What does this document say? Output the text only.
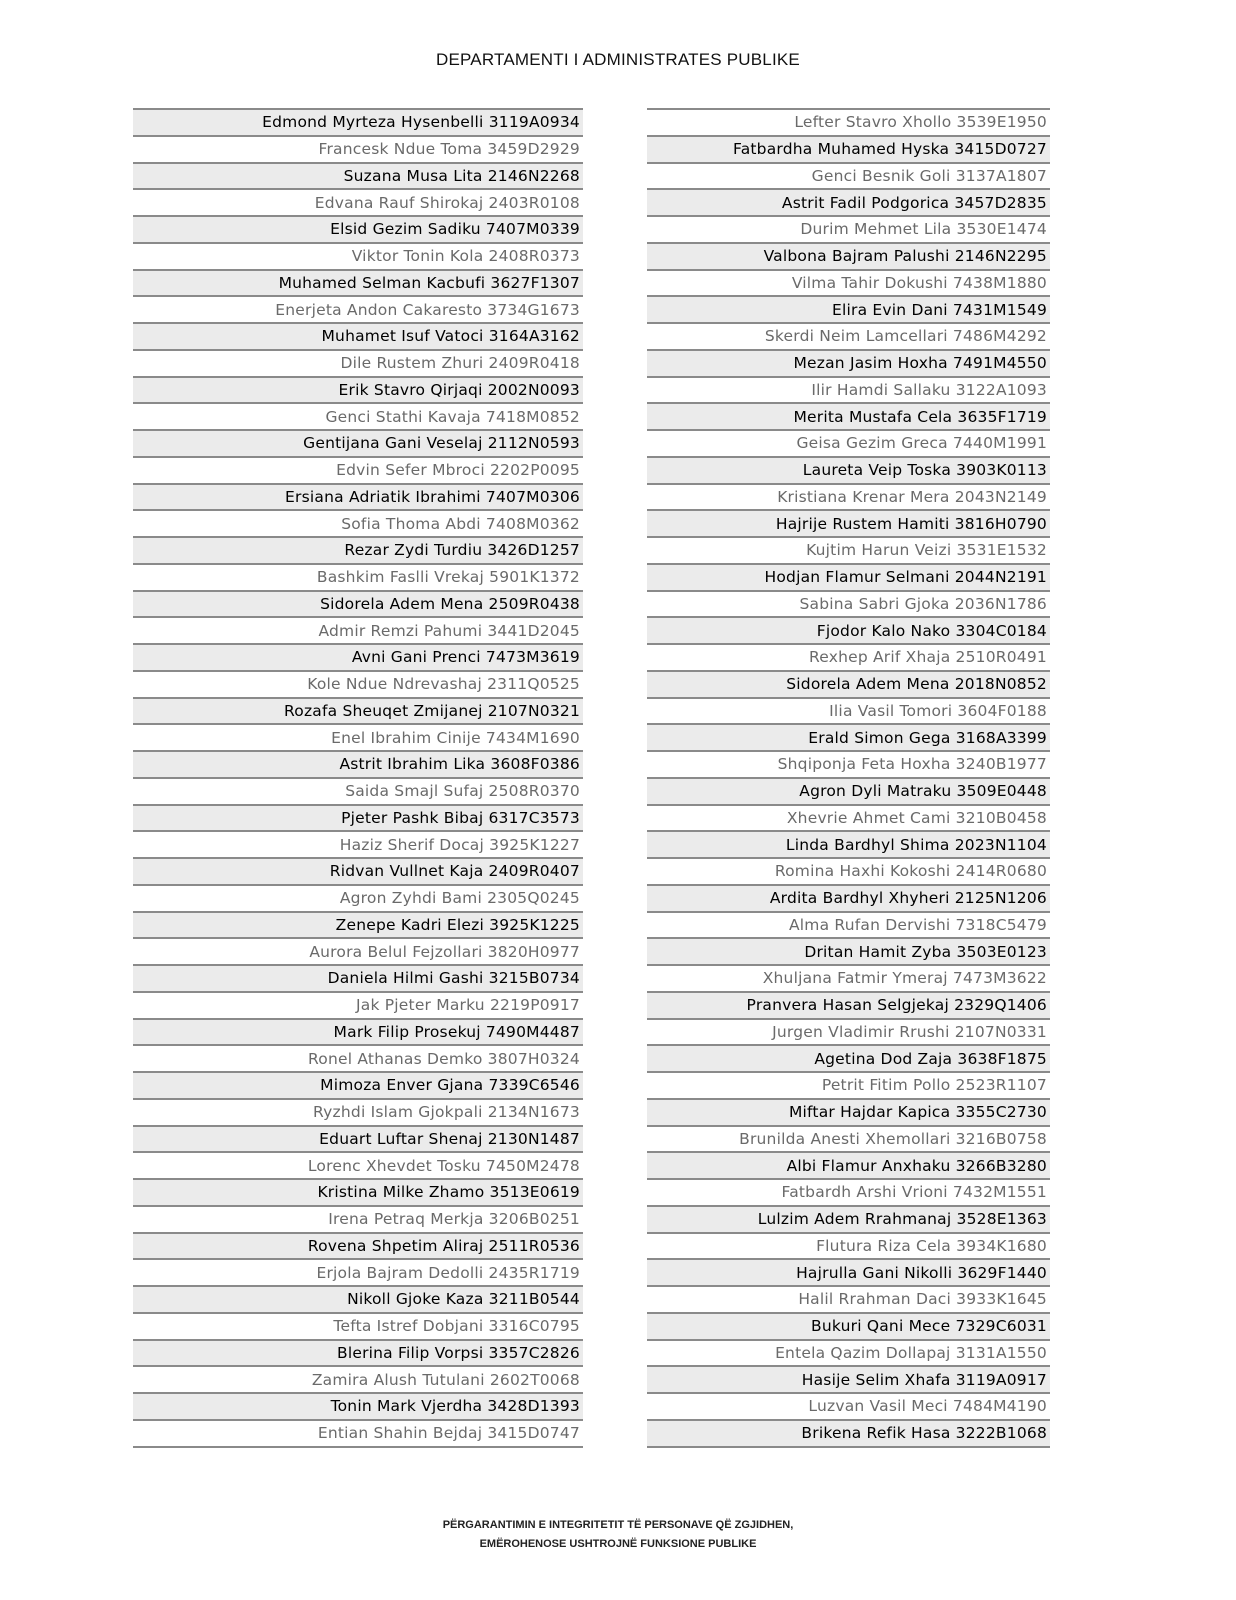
DEPARTAMENTI I ADMINISTRATES PUBLIKE
Edmond Myrteza Hysenbelli 3119A0934
Francesk Ndue Toma 3459D2929
Suzana Musa Lita 2146N2268
Edvana Rauf Shirokaj 2403R0108
Elsid Gezim Sadiku 7407M0339
Viktor Tonin Kola 2408R0373
Muhamed Selman Kacbufi 3627F1307
Enerjeta Andon Cakaresto 3734G1673
Muhamet Isuf Vatoci 3164A3162
Dile Rustem Zhuri 2409R0418
Erik Stavro Qirjaqi 2002N0093
Genci Stathi Kavaja 7418M0852
Gentijana Gani Veselaj 2112N0593
Edvin Sefer Mbroci 2202P0095
Ersiana Adriatik Ibrahimi 7407M0306
Sofia Thoma Abdi 7408M0362
Rezar Zydi Turdiu 3426D1257
Bashkim Faslli Vrekaj 5901K1372
Sidorela Adem Mena 2509R0438
Admir Remzi Pahumi 3441D2045
Avni Gani Prenci 7473M3619
Kole Ndue Ndrevashaj 2311Q0525
Rozafa Sheuqet Zmijanej 2107N0321
Enel Ibrahim Cinije 7434M1690
Astrit Ibrahim Lika 3608F0386
Saida Smajl Sufaj 2508R0370
Pjeter Pashk Bibaj 6317C3573
Haziz Sherif Docaj 3925K1227
Ridvan Vullnet Kaja 2409R0407
Agron Zyhdi Bami 2305Q0245
Zenepe Kadri Elezi 3925K1225
Aurora Belul Fejzollari 3820H0977
Daniela Hilmi Gashi 3215B0734
Jak Pjeter Marku 2219P0917
Mark Filip Prosekuj 7490M4487
Ronel Athanas Demko 3807H0324
Mimoza Enver Gjana 7339C6546
Ryzhdi Islam Gjokpali 2134N1673
Eduart Luftar Shenaj 2130N1487
Lorenc Xhevdet Tosku 7450M2478
Kristina Milke Zhamo 3513E0619
Irena Petraq Merkja 3206B0251
Rovena Shpetim Aliraj 2511R0536
Erjola Bajram Dedolli 2435R1719
Nikoll Gjoke Kaza 3211B0544
Tefta Istref Dobjani 3316C0795
Blerina Filip Vorpsi 3357C2826
Zamira Alush Tutulani 2602T0068
Tonin Mark Vjerdha 3428D1393
Entian Shahin Bejdaj 3415D0747
Lefter Stavro Xhollo 3539E1950
Fatbardha Muhamed Hyska 3415D0727
Genci Besnik Goli 3137A1807
Astrit Fadil Podgorica 3457D2835
Durim Mehmet Lila 3530E1474
Valbona Bajram Palushi 2146N2295
Vilma Tahir Dokushi 7438M1880
Elira Evin Dani 7431M1549
Skerdi Neim Lamcellari 7486M4292
Mezan Jasim Hoxha 7491M4550
Ilir Hamdi Sallaku 3122A1093
Merita Mustafa Cela 3635F1719
Geisa Gezim Greca 7440M1991
Laureta Veip Toska 3903K0113
Kristiana Krenar Mera 2043N2149
Hajrije Rustem Hamiti 3816H0790
Kujtim Harun Veizi 3531E1532
Hodjan Flamur Selmani 2044N2191
Sabina Sabri Gjoka 2036N1786
Fjodor Kalo Nako 3304C0184
Rexhep Arif Xhaja 2510R0491
Sidorela Adem Mena 2018N0852
Ilia Vasil Tomori 3604F0188
Erald Simon Gega 3168A3399
Shqiponja Feta Hoxha 3240B1977
Agron Dyli Matraku 3509E0448
Xhevrie Ahmet Cami 3210B0458
Linda Bardhyl Shima 2023N1104
Romina Haxhi Kokoshi 2414R0680
Ardita Bardhyl Xhyheri 2125N1206
Alma Rufan Dervishi 7318C5479
Dritan Hamit Zyba 3503E0123
Xhuljana Fatmir Ymeraj 7473M3622
Pranvera Hasan Selgjekaj 2329Q1406
Jurgen Vladimir Rrushi 2107N0331
Agetina Dod Zaja 3638F1875
Petrit Fitim Pollo 2523R1107
Miftar Hajdar Kapica 3355C2730
Brunilda Anesti Xhemollari 3216B0758
Albi Flamur Anxhaku 3266B3280
Fatbardh Arshi Vrioni 7432M1551
Lulzim Adem Rrahmanaj 3528E1363
Flutura Riza Cela 3934K1680
Hajrulla Gani Nikolli 3629F1440
Halil Rrahman Daci 3933K1645
Bukuri Qani Mece 7329C6031
Entela Qazim Dollapaj 3131A1550
Hasije Selim Xhafa 3119A0917
Luzvan Vasil Meci 7484M4190
Brikena Refik Hasa 3222B1068
PËRGARANTIMIN E INTEGRITETIT TË PERSONAVE QË ZGJIDHEN,
EMËROHENOSE USHTROJNË FUNKSIONE PUBLIKE
